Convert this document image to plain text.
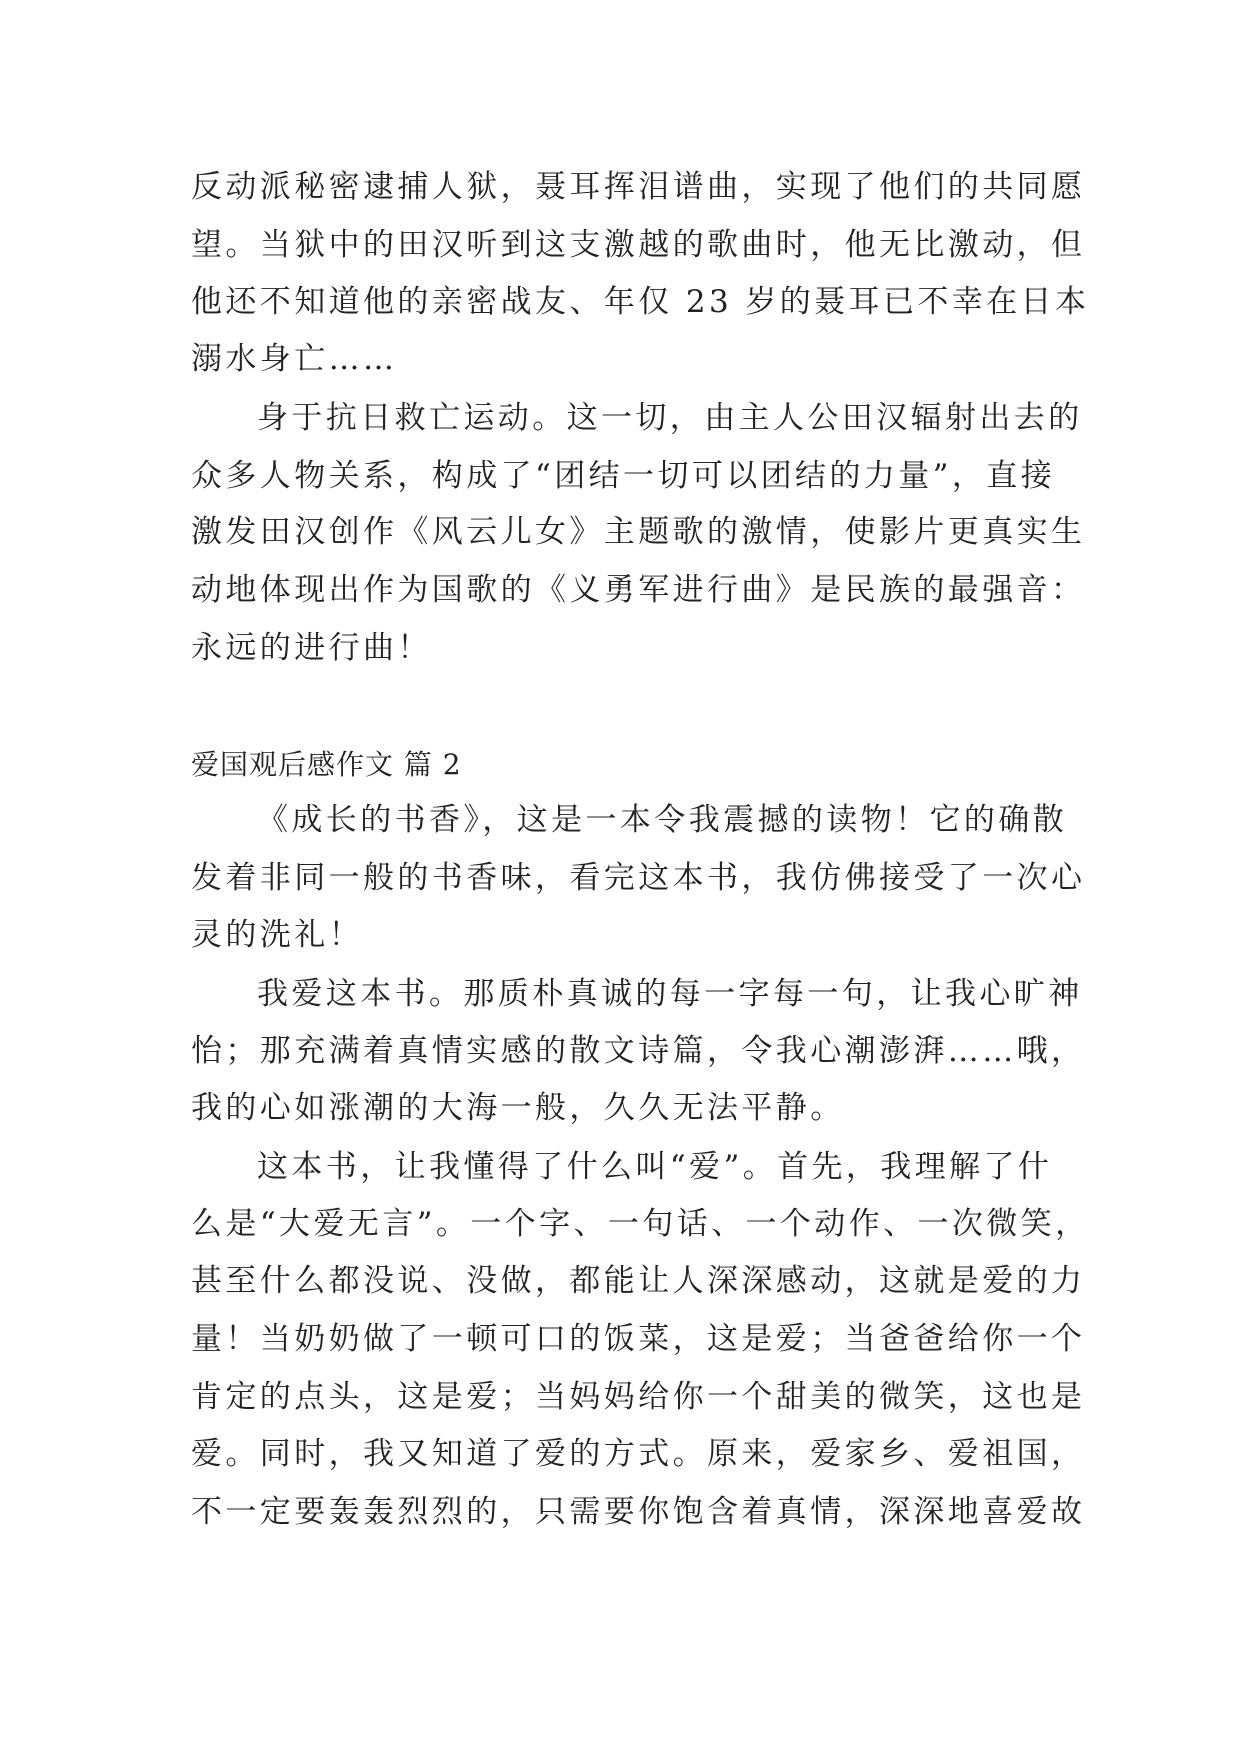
反动派秘密逮捕人狱，聂耳挥泪谱曲，实现了他们的共同愿
望。当狱中的田汉听到这支激越的歌曲时，他无比激动，但
他还不知道他的亲密战友、年仅 23 岁的聂耳已不幸在日本
溺水身亡……
身于抗日救亡运动。这一切，由主人公田汉辐射出去的
众多人物关系，构成了“团结一切可以团结的力量”，直接
激发田汉创作《风云儿女》主题歌的激情，使影片更真实生
动地体现出作为国歌的《义勇军进行曲》是民族的最强音：
永远的进行曲！
爱国观后感作文 篇 2
《成长的书香》，这是一本令我震撼的读物！它的确散
发着非同一般的书香味，看完这本书，我仿佛接受了一次心
灵的洗礼！
我爱这本书。那质朴真诚的每一字每一句，让我心旷神
怡；那充满着真情实感的散文诗篇，令我心潮澎湃……哦，
我的心如涨潮的大海一般，久久无法平静。
这本书，让我懂得了什么叫“爱”。首先，我理解了什
么是“大爱无言”。一个字、一句话、一个动作、一次微笑，
甚至什么都没说、没做，都能让人深深感动，这就是爱的力
量！当奶奶做了一顿可口的饭菜，这是爱；当爸爸给你一个
肯定的点头，这是爱；当妈妈给你一个甜美的微笑，这也是
爱。同时，我又知道了爱的方式。原来，爱家乡、爱祖国，
不一定要轰轰烈烈的，只需要你饱含着真情，深深地喜爱故
